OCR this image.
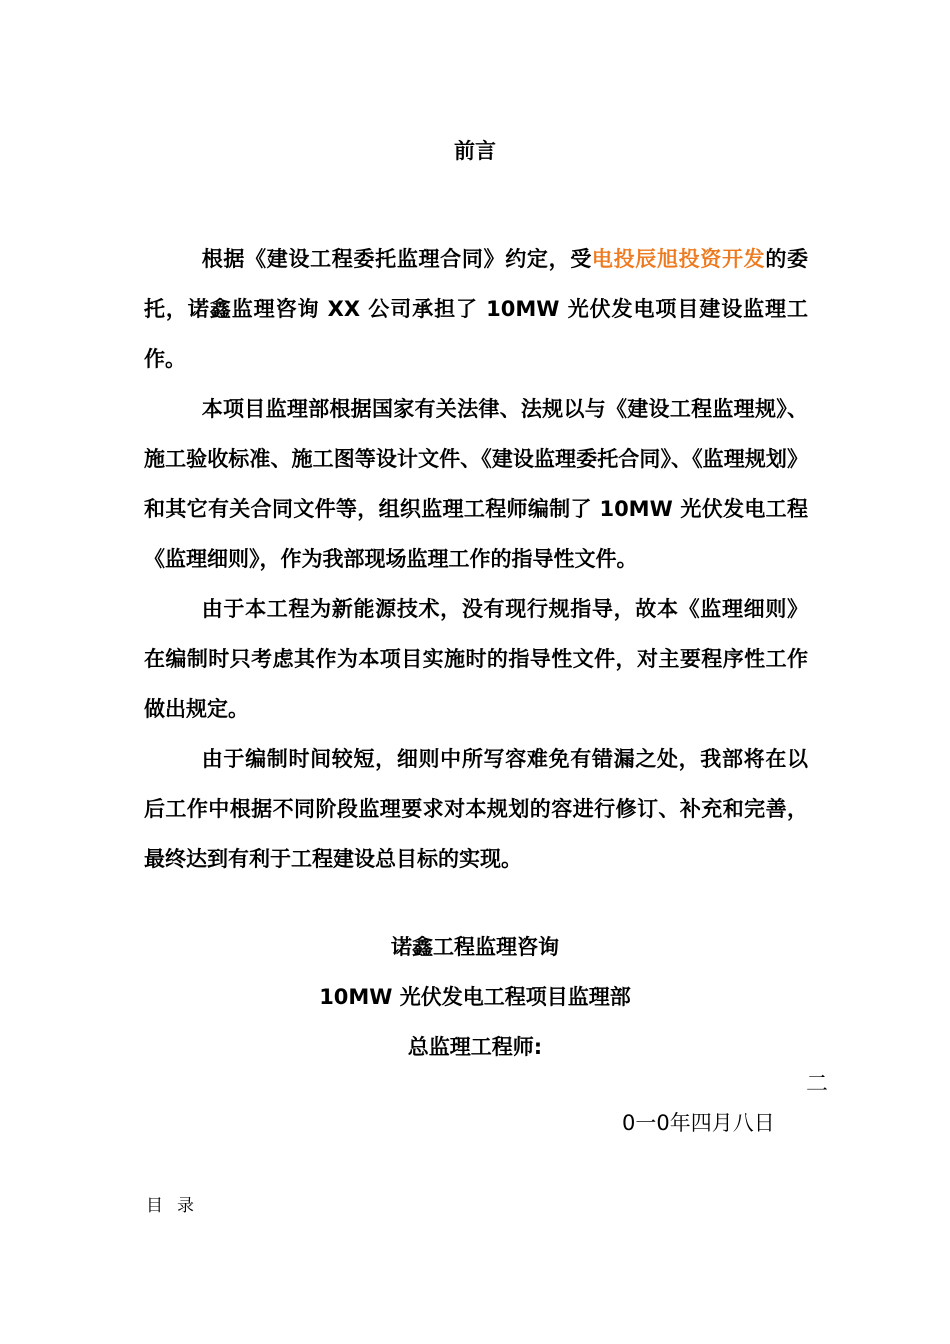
前言

根据《建设工程委托监理合同》约定，受电投辰旭投资开发的委托，诺鑫监理咨询 XX 公司承担了 10MW 光伏发电项目建设监理工作。

本项目监理部根据国家有关法律、法规以与《建设工程监理规》、施工验收标准、施工图等设计文件、《建设监理委托合同》、《监理规划》和其它有关合同文件等，组织监理工程师编制了 10MW 光伏发电工程《监理细则》，作为我部现场监理工作的指导性文件。

由于本工程为新能源技术，没有现行规指导，故本《监理细则》在编制时只考虑其作为本项目实施时的指导性文件，对主要程序性工作做出规定。

由于编制时间较短，细则中所写容难免有错漏之处，我部将在以后工作中根据不同阶段监理要求对本规划的容进行修订、补充和完善，最终达到有利于工程建设总目标的实现。

诺鑫工程监理咨询
10MW 光伏发电工程项目监理部
总监理工程师:
二
0一0年四月八日
目录
